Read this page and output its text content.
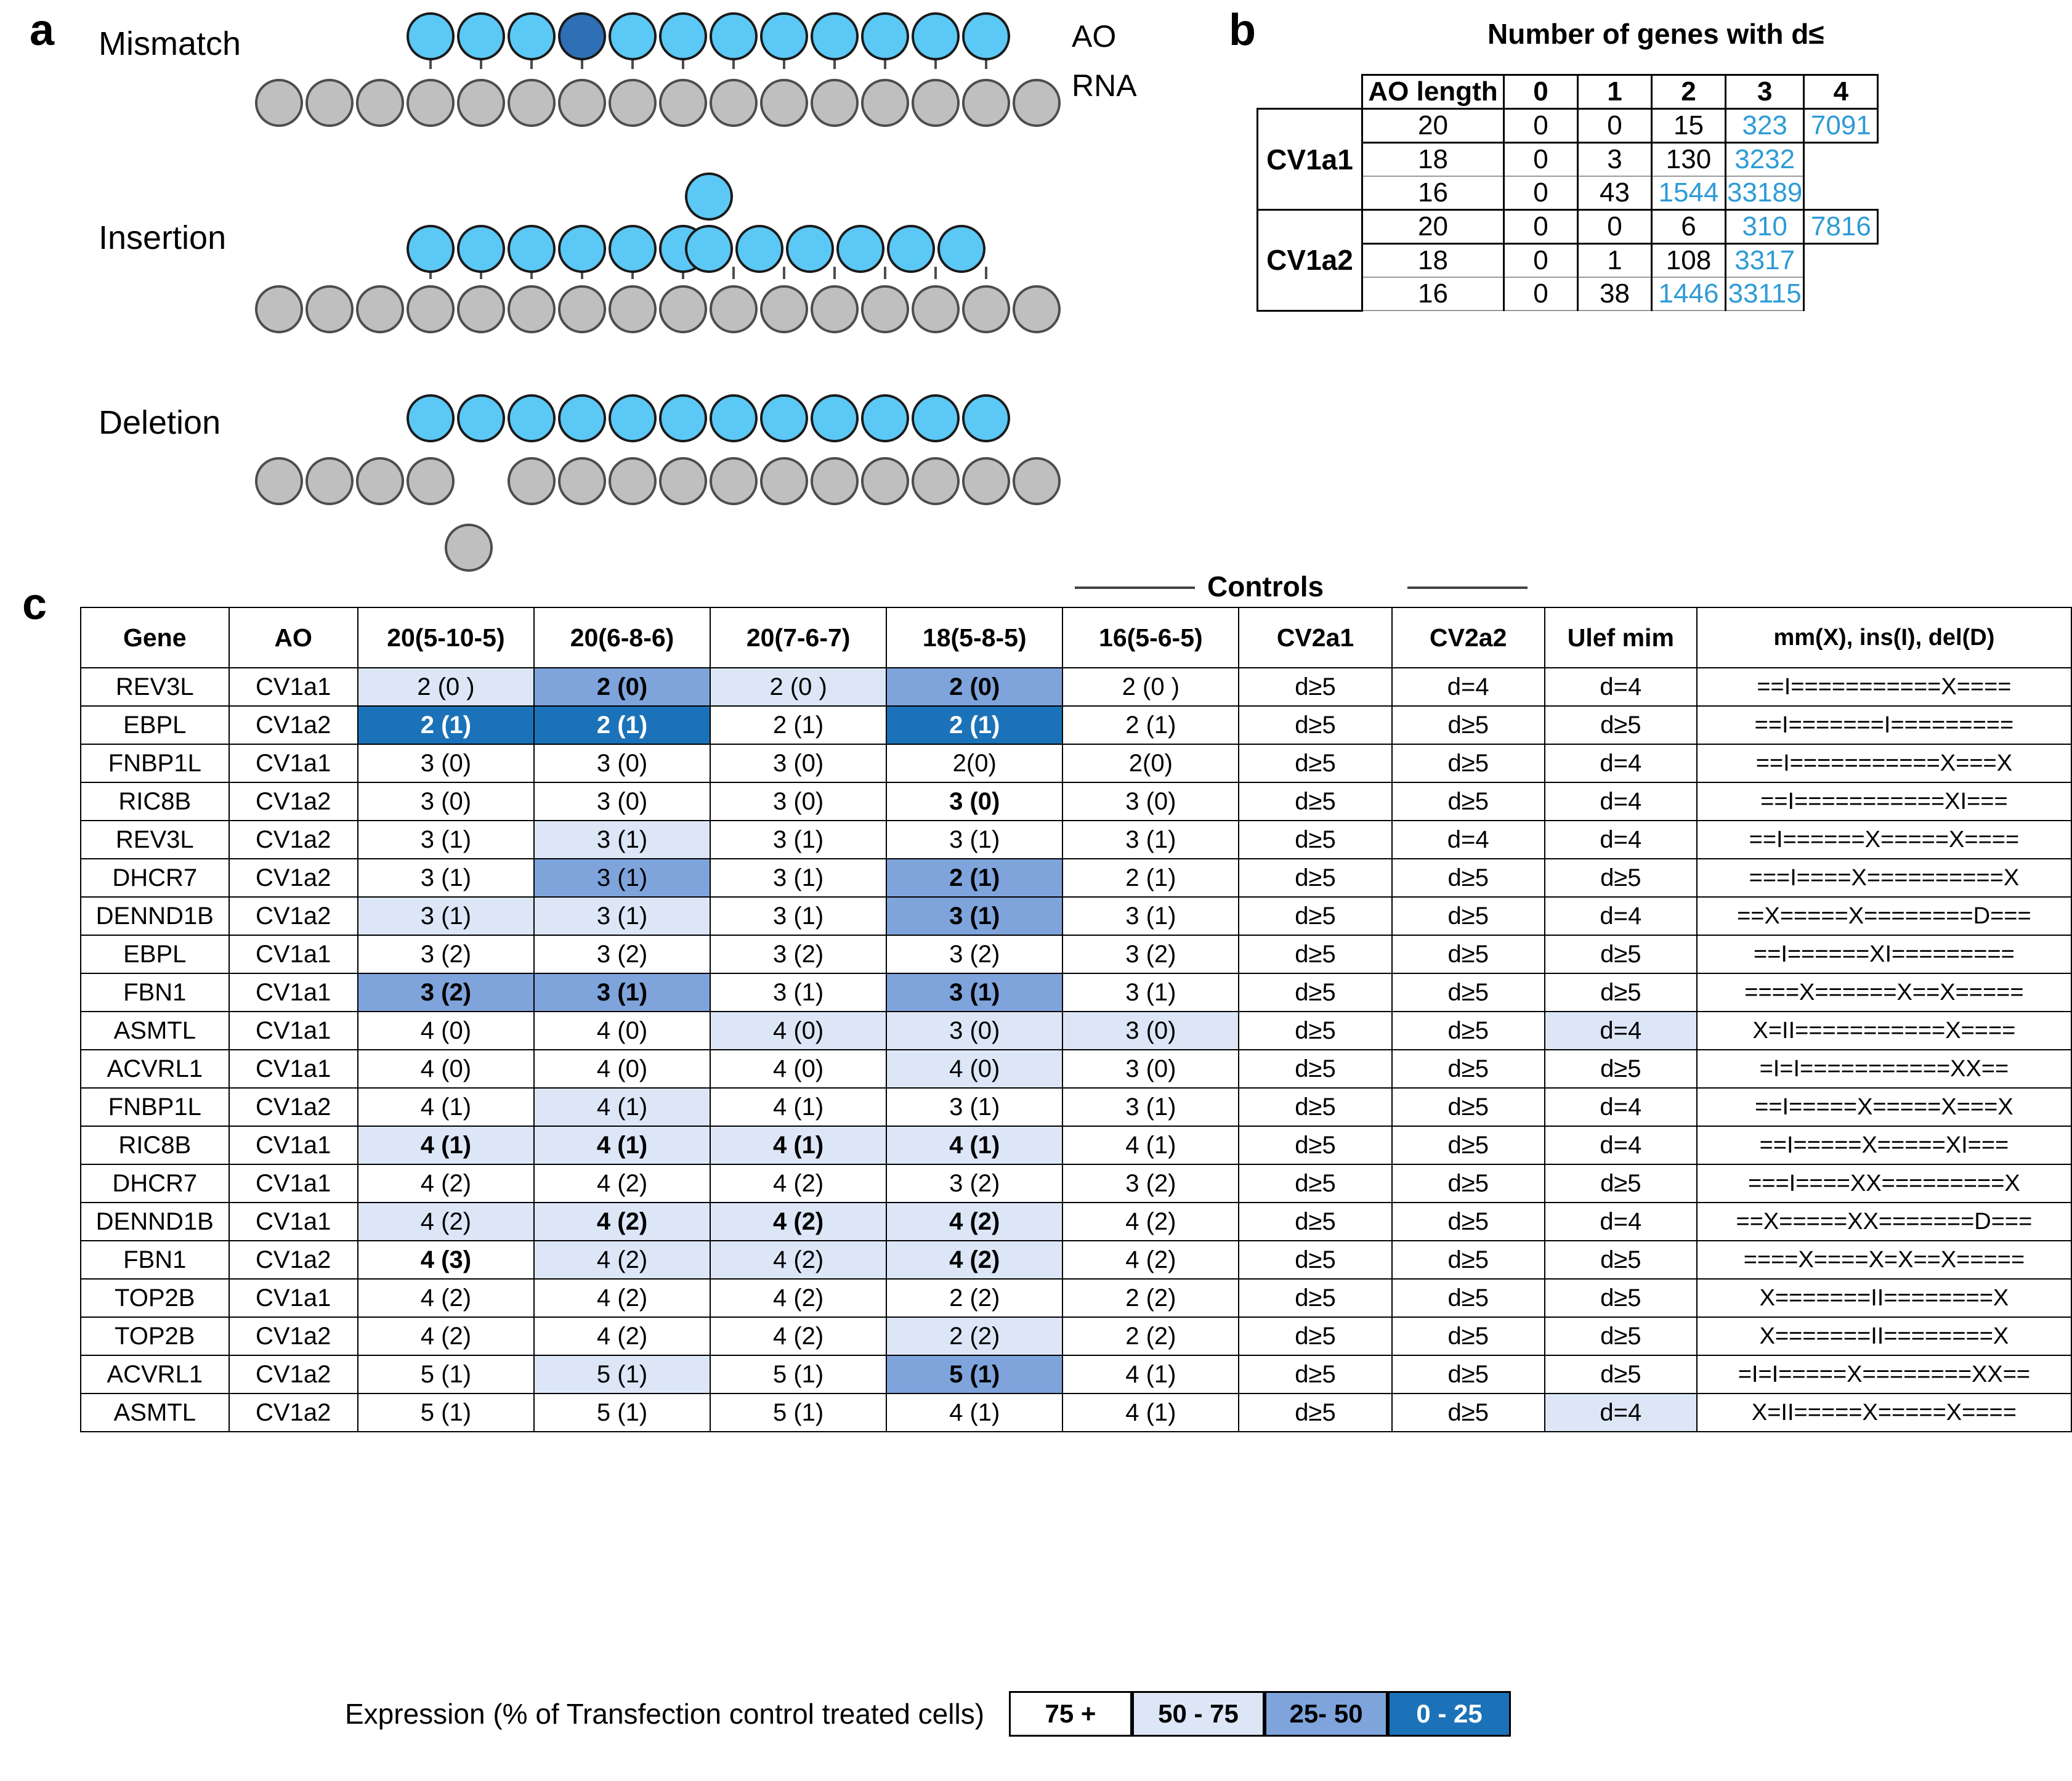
a Mismatch
Insertion
Deletion
AO
RNA
b	Number of genes with d≤
	AO length	0	1	2	3	4
CV1a1	20	0	0	15	323	7091
	18	0	3	130	3232	
	16	0	43	1544	33189	
CV1a2	20	0	0	6	310	7816
	18	0	1	108	3317	
	16	0	38	1446	33115	
c	Controls
Gene	AO	20(5-10-5)	20(6-8-6)	20(7-6-7)	18(5-8-5)	16(5-6-5)	CV2a1	CV2a2	Ulef mim	mm(X), ins(I), del(D)
REV3L	CV1a1	2 (0 )	2 (0)	2 (0 )	2 (0)	2 (0 )	d≥5	d=4	d=4	==I===========X====
EBPL	CV1a2	2 (1)	2 (1)	2 (1)	2 (1)	2 (1)	d≥5	d≥5	d≥5	==I=======I=========
FNBP1L	CV1a1	3 (0)	3 (0)	3 (0)	2(0)	2(0)	d≥5	d≥5	d=4	==I===========X===X
RIC8B	CV1a2	3 (0)	3 (0)	3 (0)	3 (0)	3 (0)	d≥5	d≥5	d=4	==I===========XI===
REV3L	CV1a2	3 (1)	3 (1)	3 (1)	3 (1)	3 (1)	d≥5	d=4	d=4	==I======X=====X====
DHCR7	CV1a2	3 (1)	3 (1)	3 (1)	2 (1)	2 (1)	d≥5	d≥5	d≥5	===I====X==========X
DENND1B	CV1a2	3 (1)	3 (1)	3 (1)	3 (1)	3 (1)	d≥5	d≥5	d=4	==X=====X========D===
EBPL	CV1a1	3 (2)	3 (2)	3 (2)	3 (2)	3 (2)	d≥5	d≥5	d≥5	==I======XI=========
FBN1	CV1a1	3 (2)	3 (1)	3 (1)	3 (1)	3 (1)	d≥5	d≥5	d≥5	====X======X==X=====
ASMTL	CV1a1	4 (0)	4 (0)	4 (0)	3 (0)	3 (0)	d≥5	d≥5	d=4	X=II===========X====
ACVRL1	CV1a1	4 (0)	4 (0)	4 (0)	4 (0)	3 (0)	d≥5	d≥5	d≥5	=I=I===========XX==
FNBP1L	CV1a2	4 (1)	4 (1)	4 (1)	3 (1)	3 (1)	d≥5	d≥5	d=4	==I=====X=====X===X
RIC8B	CV1a1	4 (1)	4 (1)	4 (1)	4 (1)	4 (1)	d≥5	d≥5	d=4	==I=====X=====XI===
DHCR7	CV1a1	4 (2)	4 (2)	4 (2)	3 (2)	3 (2)	d≥5	d≥5	d≥5	===I====XX=========X
DENND1B	CV1a1	4 (2)	4 (2)	4 (2)	4 (2)	4 (2)	d≥5	d≥5	d=4	==X=====XX=======D===
FBN1	CV1a2	4 (3)	4 (2)	4 (2)	4 (2)	4 (2)	d≥5	d≥5	d≥5	====X====X=X==X=====
TOP2B	CV1a1	4 (2)	4 (2)	4 (2)	2 (2)	2 (2)	d≥5	d≥5	d≥5	X=======II========X
TOP2B	CV1a2	4 (2)	4 (2)	4 (2)	2 (2)	2 (2)	d≥5	d≥5	d≥5	X=======II========X
ACVRL1	CV1a2	5 (1)	5 (1)	5 (1)	5 (1)	4 (1)	d≥5	d≥5	d≥5	=I=I=====X========XX==
ASMTL	CV1a2	5 (1)	5 (1)	5 (1)	4 (1)	4 (1)	d≥5	d≥5	d=4	X=II=====X=====X====
Expression (% of Transfection control treated cells)	75 +	50 - 75	25- 50	0 - 25
